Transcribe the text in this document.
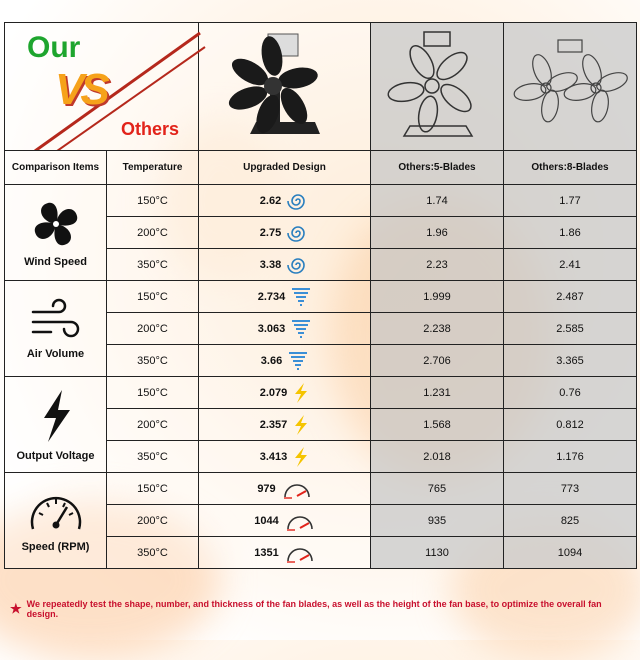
Our
VS
Others

Comparison Items	Temperature	Upgraded Design	Others:5-Blades	Others:8-Blades

Wind Speed	150°C	2.62	1.74	1.77
	200°C	2.75	1.96	1.86
	350°C	3.38	2.23	2.41

Air Volume	150°C	2.734	1.999	2.487
	200°C	3.063	2.238	2.585
	350°C	3.66	2.706	3.365

Output Voltage	150°C	2.079	1.231	0.76
	200°C	2.357	1.568	0.812
	350°C	3.413	2.018	1.176

Speed (RPM)	150°C	979	765	773
	200°C	1044	935	825
	350°C	1351	1130	1094
★ We repeatedly test the shape, number, and thickness of the fan blades, as well as the height of the fan base, to optimize the overall fan design.
